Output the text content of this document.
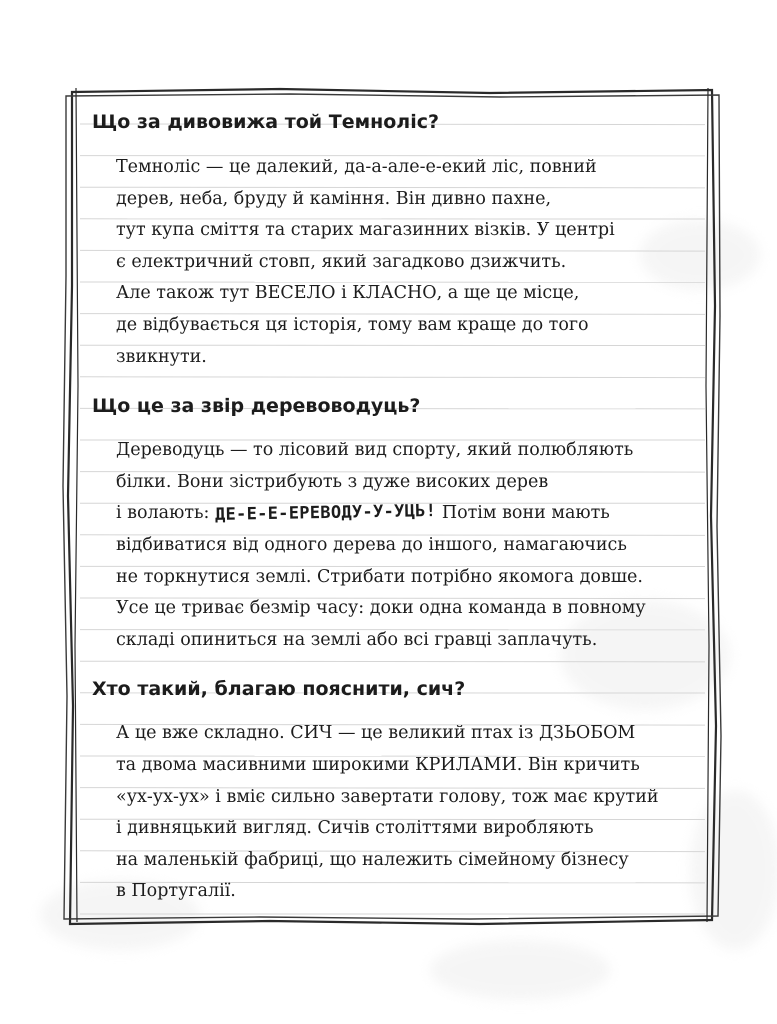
Що за дивовижа той Темноліс?

Темноліс — це далекий, да-а-але-е-екий ліс, повний
дерев, неба, бруду й каміння. Він дивно пахне,
тут купа сміття та старих магазинних візків. У центрі
є електричний стовп, який загадково дзижчить.
Але також тут ВЕСЕЛО і КЛАСНО, а ще це місце,
де відбувається ця історія, тому вам краще до того
звикнути.

Що це за звір деревоводуць?

Дереводуць — то лісовий вид спорту, який полюбляють
білки. Вони зістрибують з дуже високих дерев
і волають: ДЕ-Е-Е-ЕРЕВОДУ-У-УЦЬ! Потім вони мають
відбиватися від одного дерева до іншого, намагаючись
не торкнутися землі. Стрибати потрібно якомога довше.
Усе це триває безмір часу: доки одна команда в повному
складі опиниться на землі або всі гравці заплачуть.

Хто такий, благаю пояснити, сич?

А це вже складно. СИЧ — це великий птах із ДЗЬОБОМ
та двома масивними широкими КРИЛАМИ. Він кричить
«ух-ух-ух» і вміє сильно завертати голову, тож має крутий
і дивняцький вигляд. Сичів століттями виробляють
на маленькій фабриці, що належить сімейному бізнесу
в Португалії.
